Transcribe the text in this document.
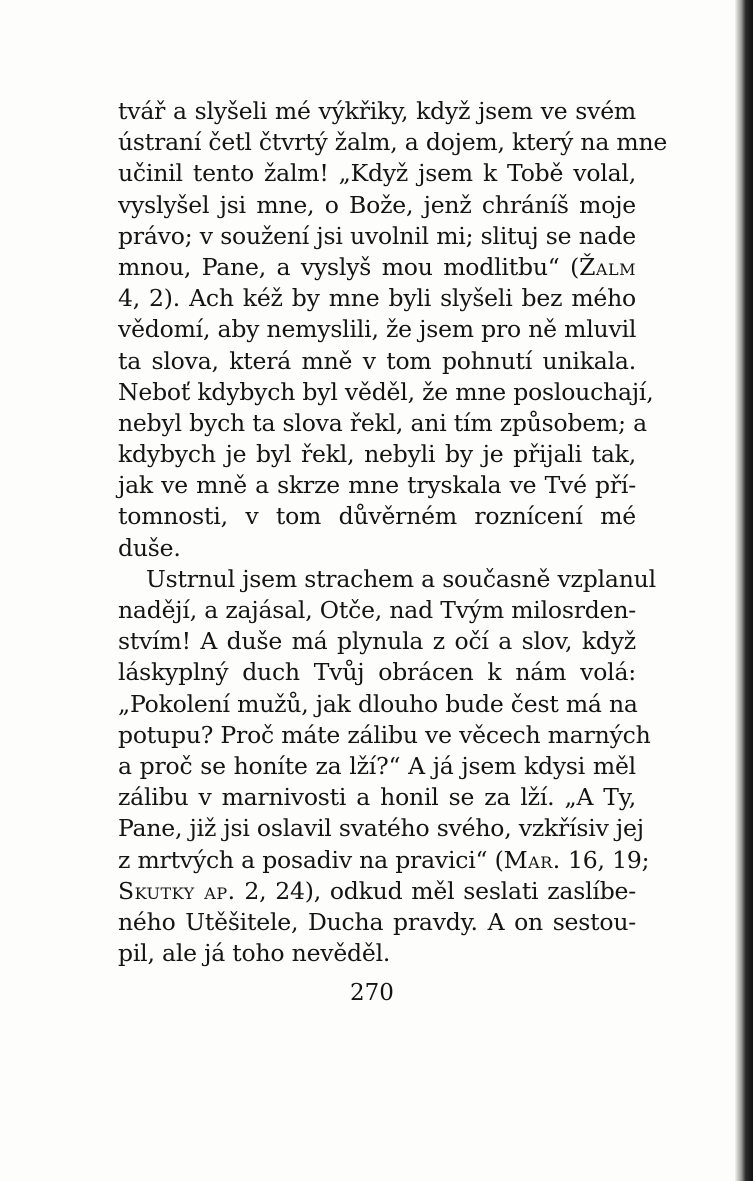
tvář a slyšeli mé výkřiky, když jsem ve svém
ústraní četl čtvrtý žalm, a dojem, který na mne
učinil tento žalm! „Když jsem k Tobě volal,
vyslyšel jsi mne, o Bože, jenž chráníš moje
právo; v soužení jsi uvolnil mi; slituj se nade
mnou, Pane, a vyslyš mou modlitbu“ (Žalm
4, 2). Ach kéž by mne byli slyšeli bez mého
vědomí, aby nemyslili, že jsem pro ně mluvil
ta slova, která mně v tom pohnutí unikala.
Neboť kdybych byl věděl, že mne poslouchají,
nebyl bych ta slova řekl, ani tím způsobem; a
kdybych je byl řekl, nebyli by je přijali tak,
jak ve mně a skrze mne tryskala ve Tvé pří-
tomnosti, v tom důvěrném roznícení mé
duše.
Ustrnul jsem strachem a současně vzplanul
nadějí, a zajásal, Otče, nad Tvým milosrden-
stvím! A duše má plynula z očí a slov, když
láskyplný duch Tvůj obrácen k nám volá:
„Pokolení mužů, jak dlouho bude čest má na
potupu? Proč máte zálibu ve věcech marných
a proč se honíte za lží?“ A já jsem kdysi měl
zálibu v marnivosti a honil se za lží. „A Ty,
Pane, již jsi oslavil svatého svého, vzkřísiv jej
z mrtvých a posadiv na pravici“ (Mar. 16, 19;
Skutky ap. 2, 24), odkud měl seslati zaslíbe-
ného Utěšitele, Ducha pravdy. A on sestou-
pil, ale já toho nevěděl.
270
